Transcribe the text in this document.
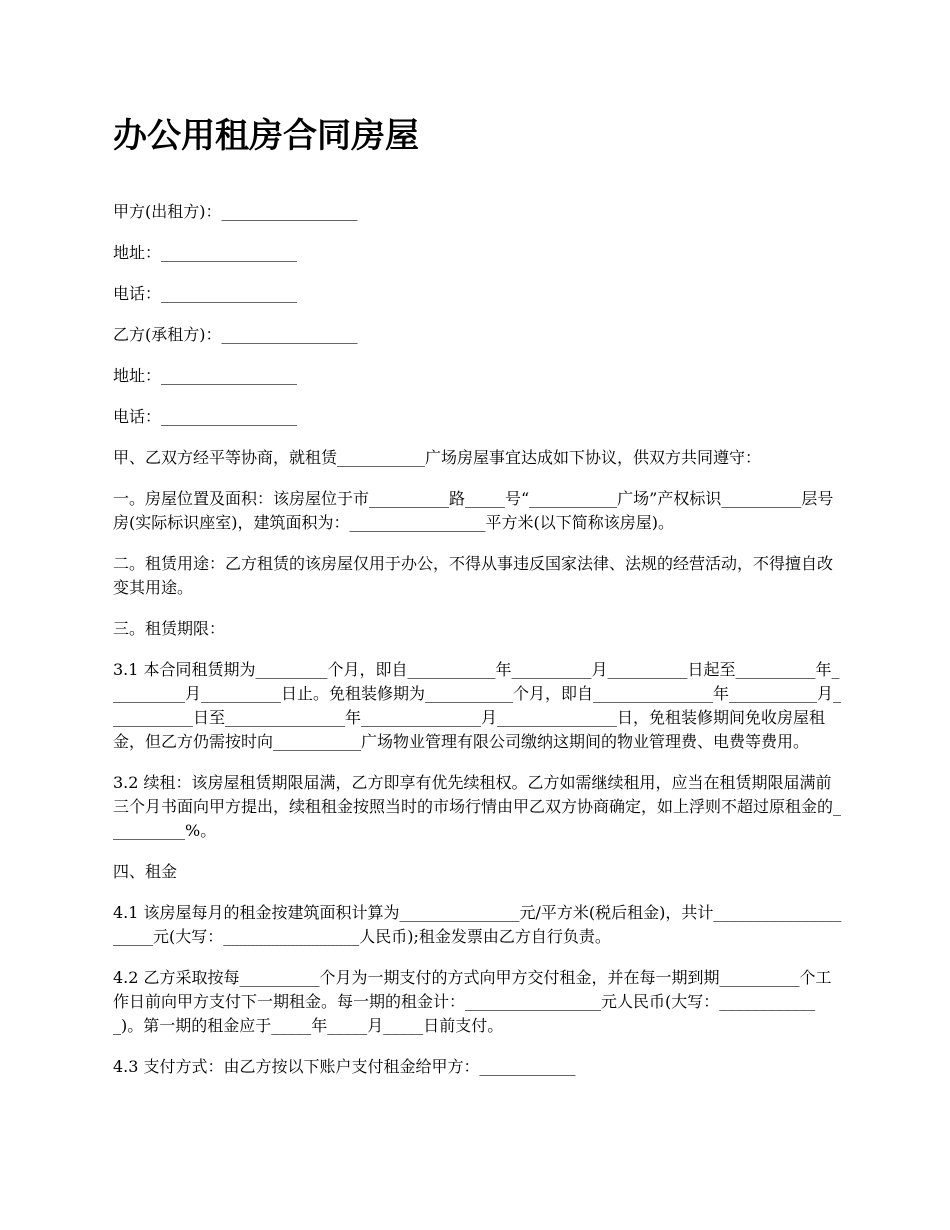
办公用租房合同房屋

甲方(出租方)：_________________

地址：_________________

电话：_________________

乙方(承租方)：_________________

地址：_________________

电话：_________________

甲、乙双方经平等协商，就租赁___________广场房屋事宜达成如下协议，供双方共同遵守：

一。房屋位置及面积：该房屋位于市__________路_____号“___________广场”产权标识__________层号房(实际标识座室)，建筑面积为：_________________平方米(以下简称该房屋)。

二。租赁用途：乙方租赁的该房屋仅用于办公，不得从事违反国家法律、法规的经营活动，不得擅自改变其用途。

三。租赁期限：

3.1 本合同租赁期为_________个月，即自___________年__________月__________日起至__________年__________月__________日止。免租装修期为___________个月，即自_______________年___________月___________日至_______________年_______________月_______________日，免租装修期间免收房屋租金，但乙方仍需按时向___________广场物业管理有限公司缴纳这期间的物业管理费、电费等费用。

3.2 续租：该房屋租赁期限届满，乙方即享有优先续租权。乙方如需继续租用，应当在租赁期限届满前三个月书面向甲方提出，续租租金按照当时的市场行情由甲乙双方协商确定，如上浮则不超过原租金的__________%。

四、租金

4.1 该房屋每月的租金按建筑面积计算为_______________元/平方米(税后租金)，共计_____________________元(大写：_________________人民币);租金发票由乙方自行负责。

4.2 乙方采取按每__________个月为一期支付的方式向甲方交付租金，并在每一期到期__________个工作日前向甲方支付下一期租金。每一期的租金计：_________________元人民币(大写：_____________)。第一期的租金应于_____年_____月_____日前支付。

4.3 支付方式：由乙方按以下账户支付租金给甲方：____________
